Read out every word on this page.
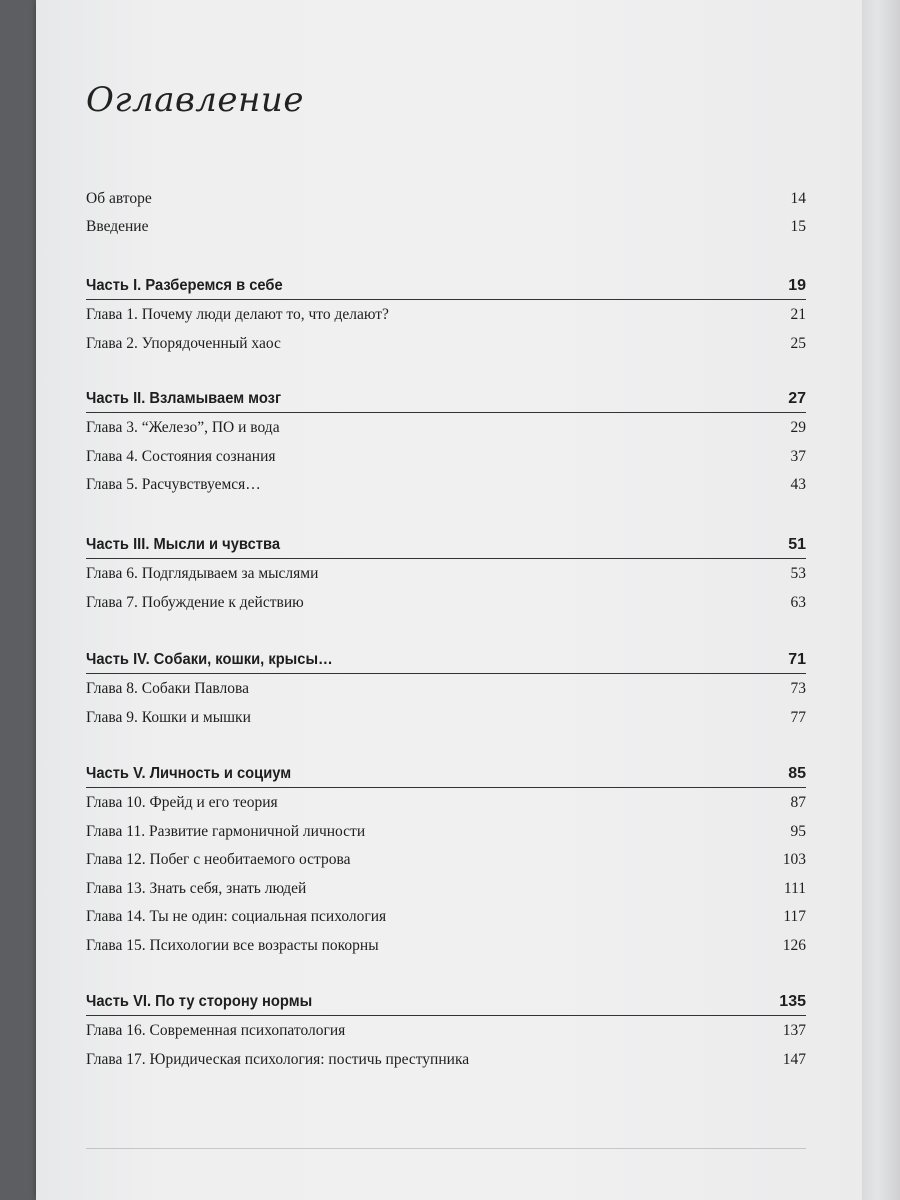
Оглавление
Об авторе	14
Введение	15
Часть I. Разберемся в себе	19
Глава 1. Почему люди делают то, что делают?	21
Глава 2. Упорядоченный хаос	25
Часть II. Взламываем мозг	27
Глава 3. “Железо”, ПО и вода	29
Глава 4. Состояния сознания	37
Глава 5. Расчувствуемся…	43
Часть III. Мысли и чувства	51
Глава 6. Подглядываем за мыслями	53
Глава 7. Побуждение к действию	63
Часть IV. Собаки, кошки, крысы…	71
Глава 8. Собаки Павлова	73
Глава 9. Кошки и мышки	77
Часть V. Личность и социум	85
Глава 10. Фрейд и его теория	87
Глава 11. Развитие гармоничной личности	95
Глава 12. Побег с необитаемого острова	103
Глава 13. Знать себя, знать людей	111
Глава 14. Ты не один: социальная психология	117
Глава 15. Психологии все возрасты покорны	126
Часть VI. По ту сторону нормы	135
Глава 16. Современная психопатология	137
Глава 17. Юридическая психология: постичь преступника	147
